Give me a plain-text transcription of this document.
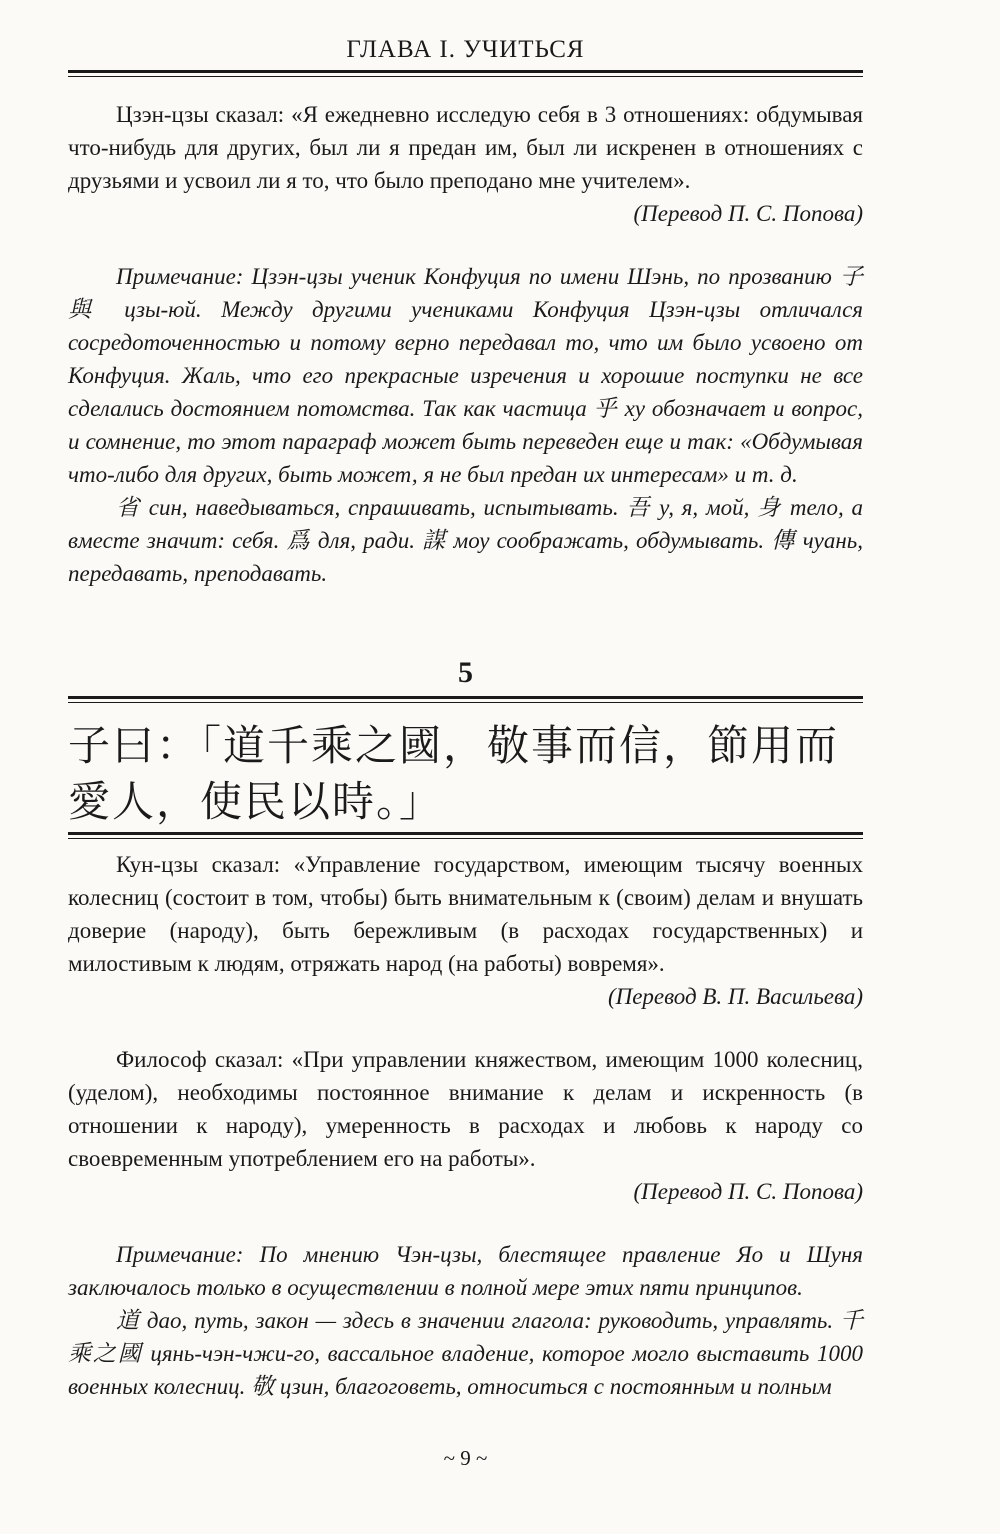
ГЛАВА I. УЧИТЬСЯ

Цзэн-цзы сказал: «Я ежедневно исследую себя в 3 отношениях: обдумывая что-нибудь для других, был ли я предан им, был ли искренен в отношениях с друзьями и усвоил ли я то, что было преподано мне учителем».

(Перевод П. С. Попова)

Примечание: Цзэн-цзы ученик Конфуция по имени Шэнь, по прозванию 子與 цзы-юй. Между другими учениками Конфуция Цзэн-цзы отличался сосредоточенностью и потому верно передавал то, что им было усвоено от Конфуция. Жаль, что его прекрасные изречения и хорошие поступки не все сделались достоянием потомства. Так как частица 乎 ху обозначает и вопрос, и сомнение, то этот параграф может быть переведен еще и так: «Обдумывая что-либо для других, быть может, я не был предан их интересам» и т. д.

省 син, наведываться, спрашивать, испытывать. 吾 у, я, мой, 身 тело, а вместе значит: себя. 爲 для, ради. 謀 моу соображать, обдумывать. 傳 чуань, передавать, преподавать.

5

子曰：「道千乘之國，敬事而信，節用而愛人，使民以時。」

Кун-цзы сказал: «Управление государством, имеющим тысячу военных колесниц (состоит в том, чтобы) быть внимательным к (своим) делам и внушать доверие (народу), быть бережливым (в расходах государственных) и милостивым к людям, отряжать народ (на работы) вовремя».

(Перевод В. П. Васильева)

Философ сказал: «При управлении княжеством, имеющим 1000 колесниц, (уделом), необходимы постоянное внимание к делам и искренность (в отношении к народу), умеренность в расходах и любовь к народу со своевременным употреблением его на работы».

(Перевод П. С. Попова)

Примечание: По мнению Чэн-цзы, блестящее правление Яо и Шуня заключалось только в осуществлении в полной мере этих пяти принципов.

道 дао, путь, закон — здесь в значении глагола: руководить, управлять. 千乘之國 цянь-чэн-чжи-го, вассальное владение, которое могло выставить 1000 военных колесниц. 敬 цзин, благоговеть, относиться с постоянным и полным

~ 9 ~
